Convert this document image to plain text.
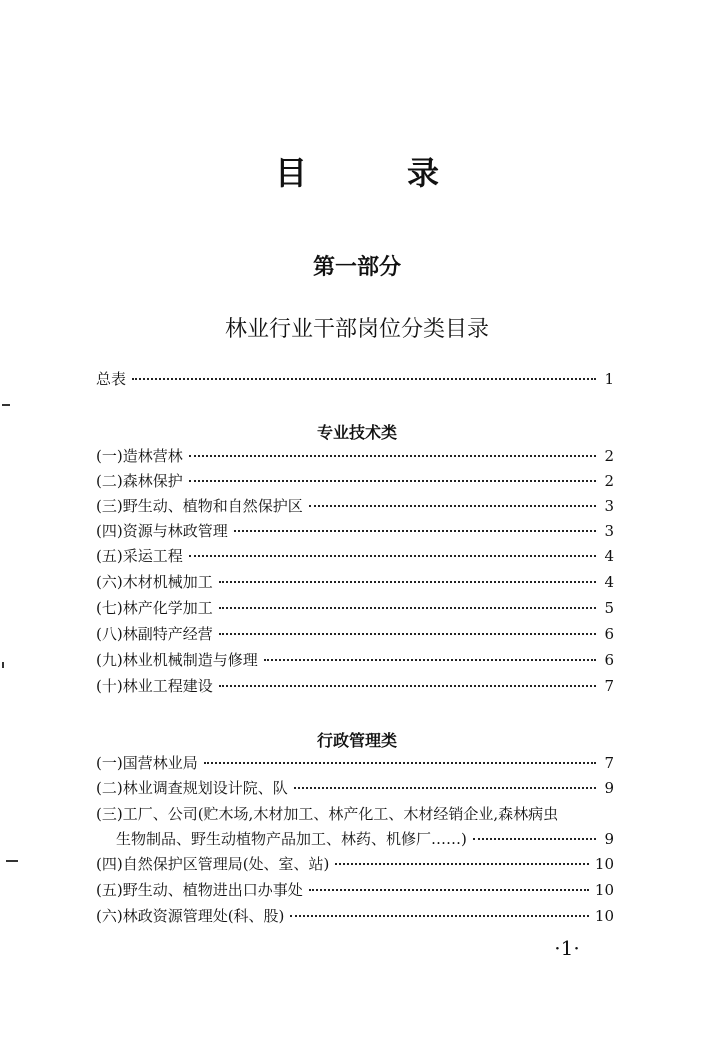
目　录
第一部分
林业行业干部岗位分类目录
总表	1
专业技术类
(一)造林营林	2
(二)森林保护	2
(三)野生动、植物和自然保护区	3
(四)资源与林政管理	3
(五)采运工程	4
(六)木材机械加工	4
(七)林产化学加工	5
(八)林副特产经营	6
(九)林业机械制造与修理	6
(十)林业工程建设	7
行政管理类
(一)国营林业局	7
(二)林业调查规划设计院、队	9
(三)工厂、公司(贮木场,木材加工、林产化工、木材经销企业,森林病虫
生物制品、野生动植物产品加工、林药、机修厂……)	9
(四)自然保护区管理局(处、室、站)	10
(五)野生动、植物进出口办事处	10
(六)林政资源管理处(科、股)	10
·1·
